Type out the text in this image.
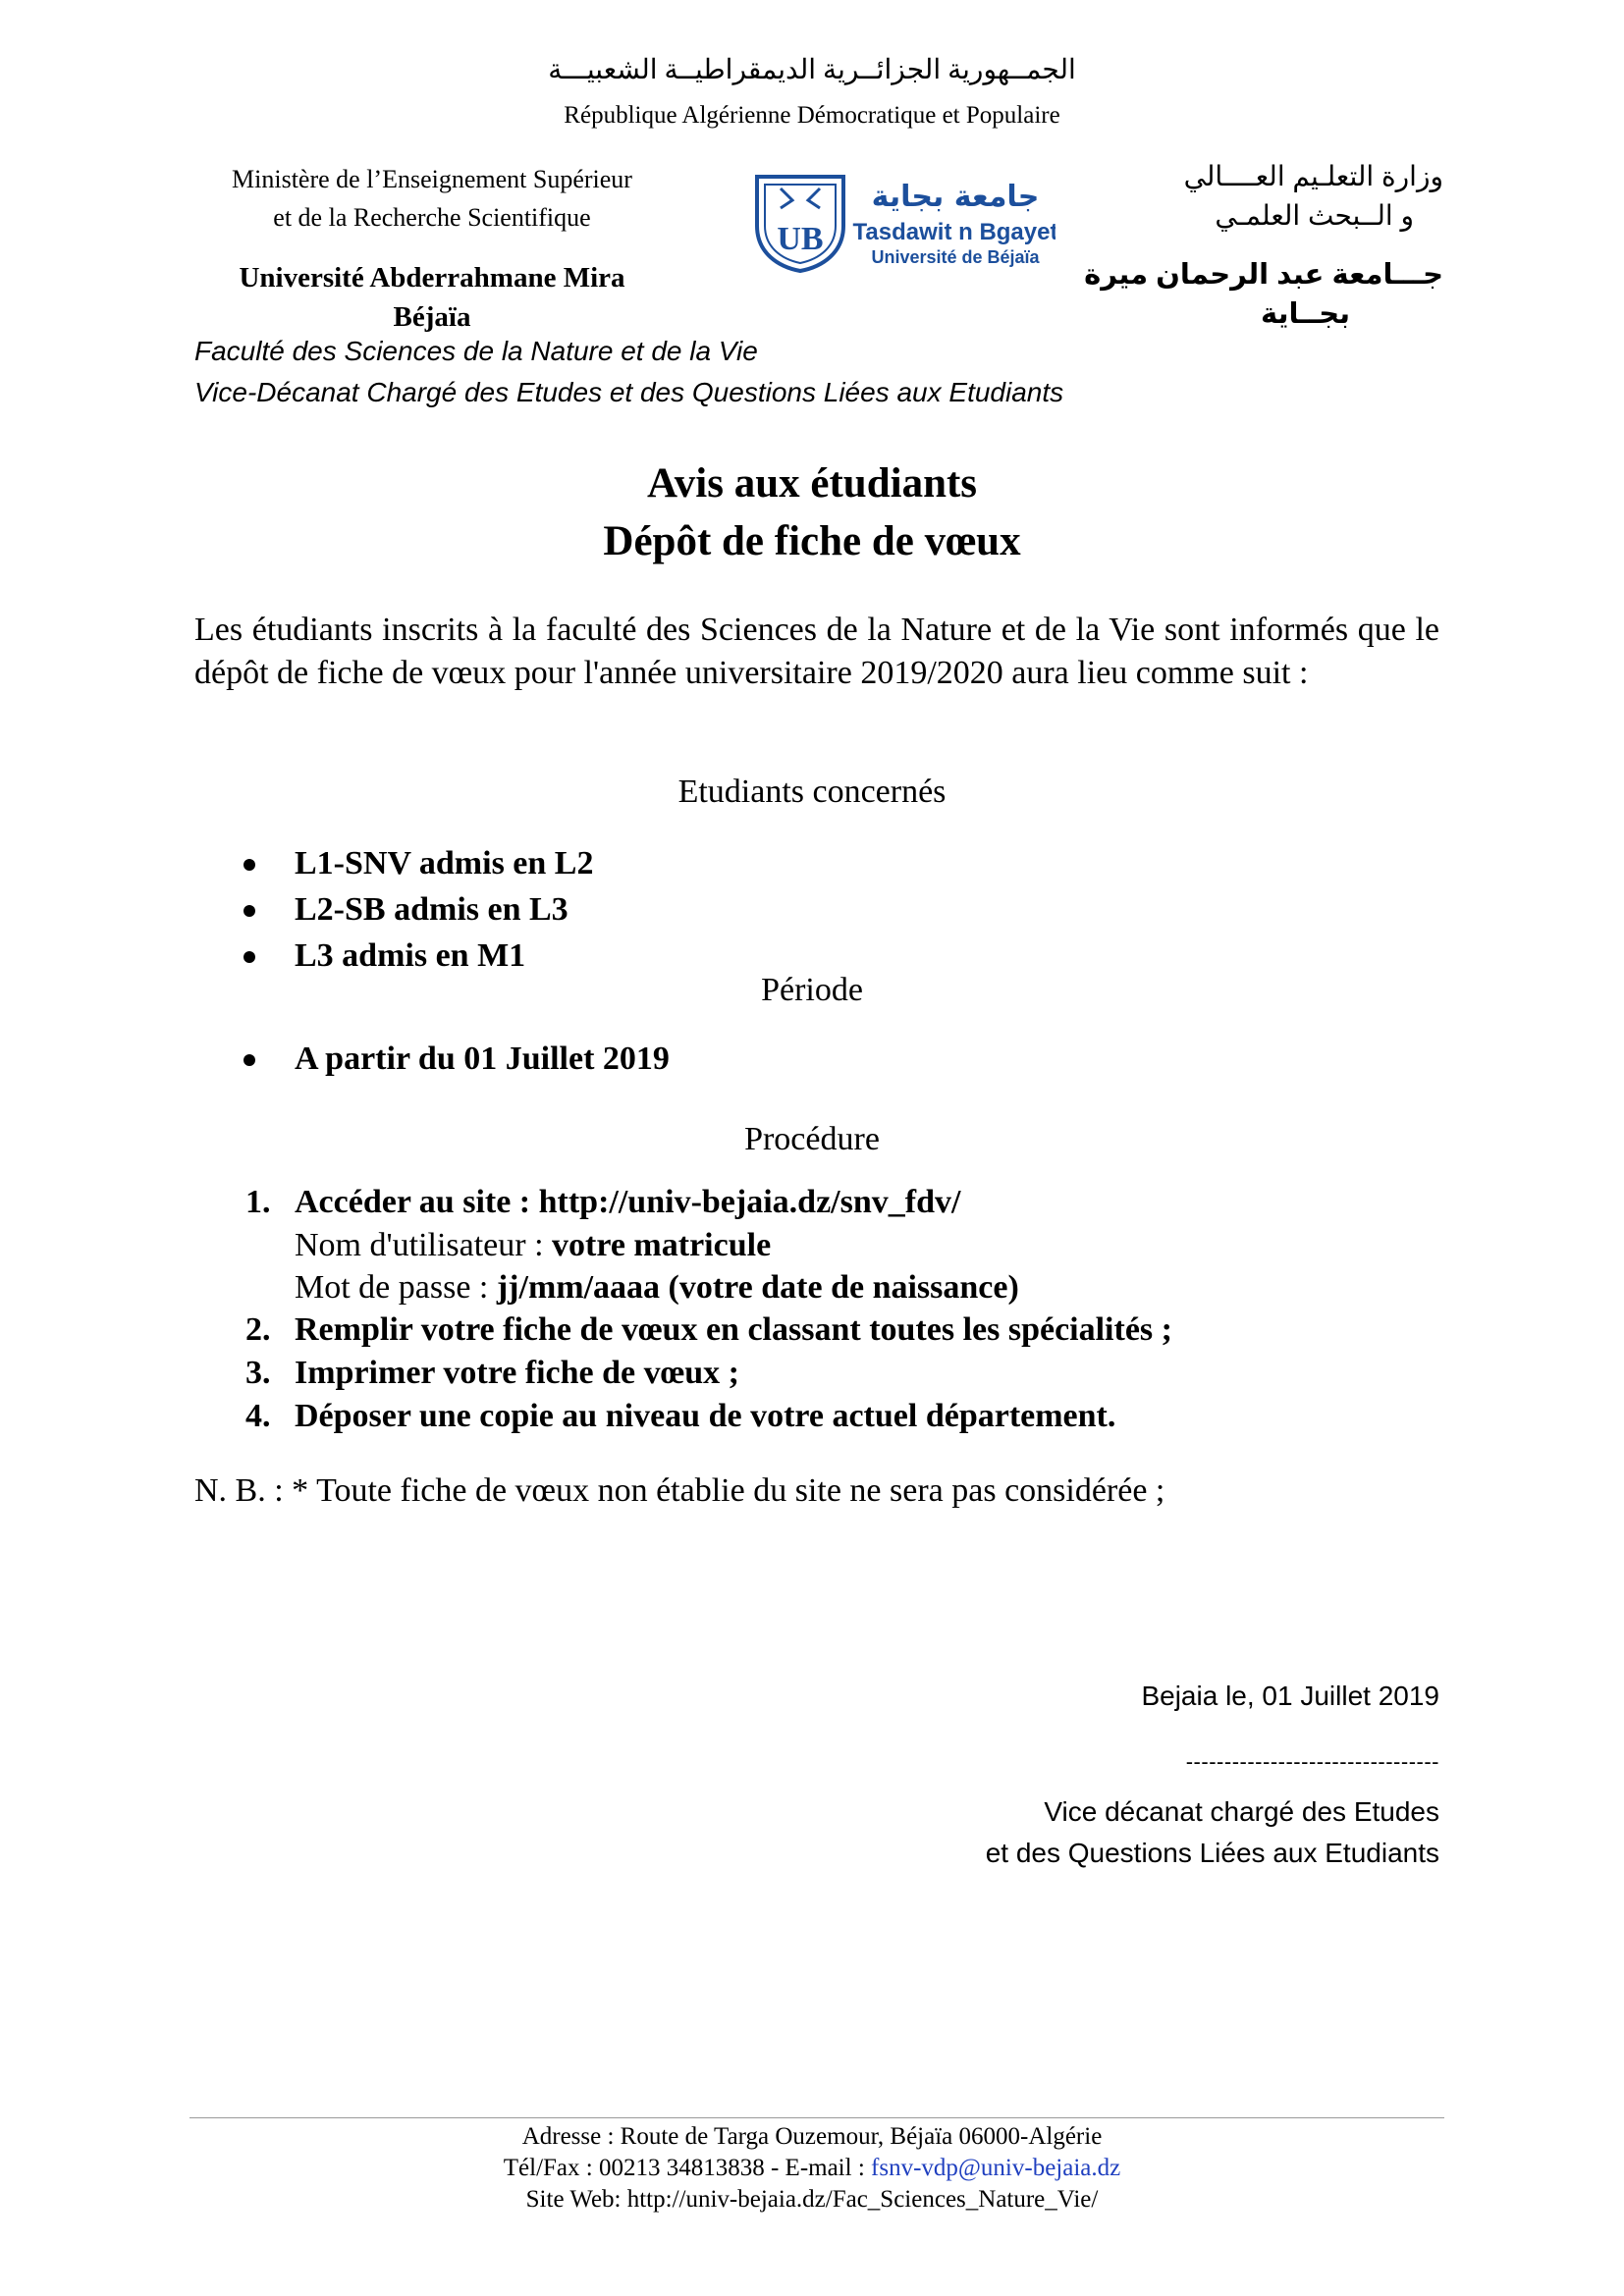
الجمــهورية الجزائــرية الديمقراطيــة الشعبيـــة
République Algérienne Démocratique et Populaire
Ministère de l’Enseignement Supérieur
et de la Recherche Scientifique
Université Abderrahmane Mira
Béjaïa
Faculté des Sciences de la Nature et de la Vie
Vice-Décanat Chargé des Etudes et des Questions Liées aux Etudiants
UB
جامعة بجاية
Tasdawit n Bgayet
Université de Béjaïa
وزارة التعلـيم العــــالي
و الــبحث العلمـي
جـــامعة عبد الرحمان ميرة
بجــاية
Avis aux étudiants
Dépôt de fiche de vœux
Les étudiants inscrits à la faculté des Sciences de la Nature et de la Vie sont informés que le dépôt de fiche de vœux pour l'année universitaire 2019/2020 aura lieu comme suit :
Etudiants concernés
L1-SNV admis en L2
L2-SB admis en L3
L3 admis en M1
Période
A partir du 01 Juillet 2019
Procédure
1. Accéder au site : http://univ-bejaia.dz/snv_fdv/
Nom d'utilisateur : votre matricule
Mot de passe : jj/mm/aaaa (votre date de naissance)
2. Remplir votre fiche de vœux en classant toutes les spécialités ;
3. Imprimer votre fiche de vœux ;
4. Déposer une copie au niveau de votre actuel département.
N. B. : * Toute fiche de vœux non établie du site ne sera pas considérée ;
Bejaia le, 01 Juillet 2019
---------------------------------
Vice décanat chargé des Etudes
et des Questions Liées aux Etudiants
Adresse : Route de Targa Ouzemour, Béjaïa 06000-Algérie
Tél/Fax : 00213 34813838 - E-mail : fsnv-vdp@univ-bejaia.dz
Site Web: http://univ-bejaia.dz/Fac_Sciences_Nature_Vie/
